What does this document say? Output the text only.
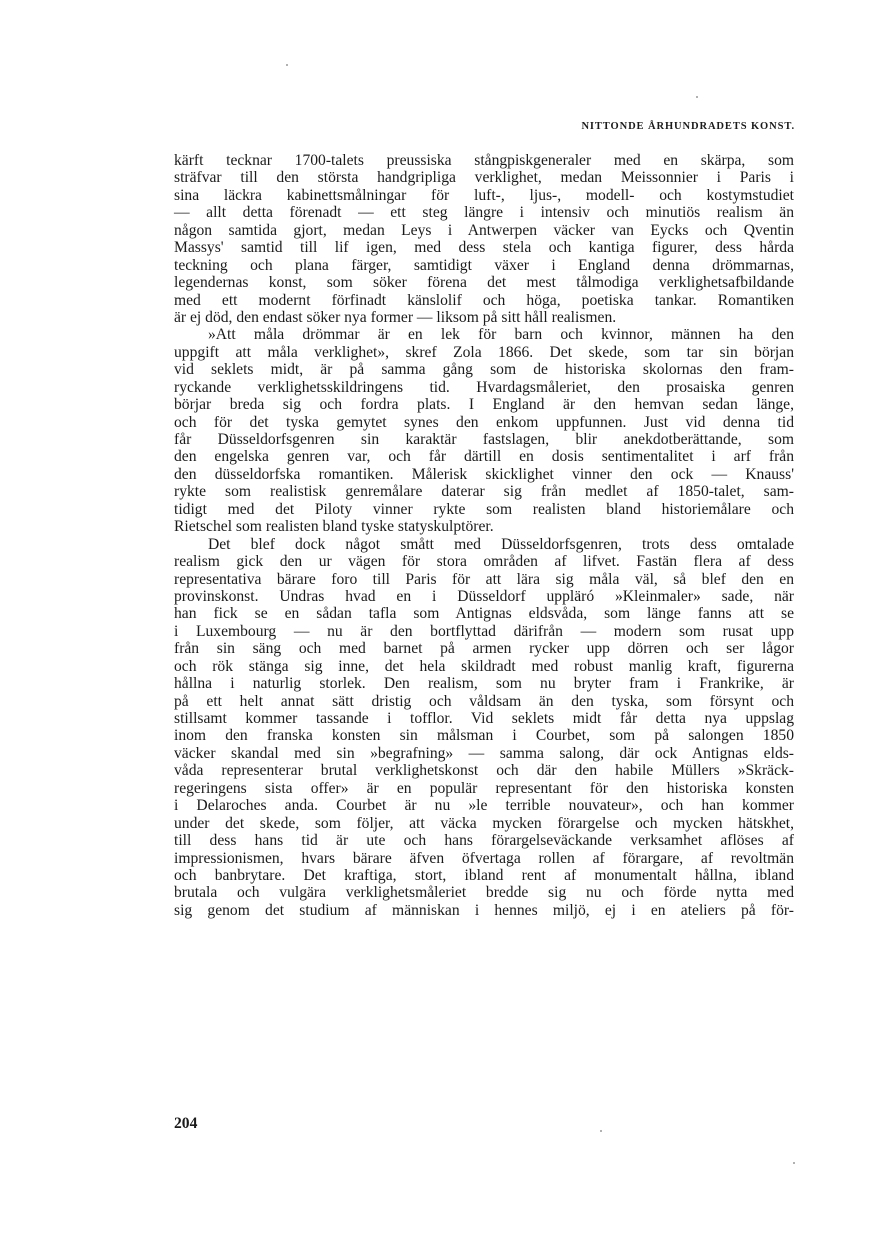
NITTONDE ÅRHUNDRADETS KONST.
kärft tecknar 1700-talets preussiska stångpiskgeneraler med en skärpa, som
sträfvar till den största handgripliga verklighet, medan Meissonnier i Paris i
sina läckra kabinettsmålningar för luft-, ljus-, modell- och kostymstudiet
— allt detta förenadt — ett steg längre i intensiv och minutiös realism än
någon samtida gjort, medan Leys i Antwerpen väcker van Eycks och Qventin
Massys' samtid till lif igen, med dess stela och kantiga figurer, dess hårda
teckning och plana färger, samtidigt växer i England denna drömmarnas,
legendernas konst, som söker förena det mest tålmodiga verklighetsafbildande
med ett modernt förfinadt känslolif och höga, poetiska tankar. Romantiken
är ej död, den endast söker nya former — liksom på sitt håll realismen.
»Att måla drömmar är en lek för barn och kvinnor, männen ha den
uppgift att måla verklighet», skref Zola 1866. Det skede, som tar sin början
vid seklets midt, är på samma gång som de historiska skolornas den fram-
ryckande verklighetsskildringens tid. Hvardagsmåleriet, den prosaiska genren
börjar breda sig och fordra plats. I England är den hemvan sedan länge,
och för det tyska gemytet synes den enkom uppfunnen. Just vid denna tid
får Düsseldorfsgenren sin karaktär fastslagen, blir anekdotberättande, som
den engelska genren var, och får därtill en dosis sentimentalitet i arf från
den düsseldorfska romantiken. Målerisk skicklighet vinner den ock — Knauss'
rykte som realistisk genremålare daterar sig från medlet af 1850-talet, sam-
tidigt med det Piloty vinner rykte som realisten bland historiemålare och
Rietschel som realisten bland tyske statyskulptörer.
Det blef dock något smått med Düsseldorfsgenren, trots dess omtalade
realism gick den ur vägen för stora områden af lifvet. Fastän flera af dess
representativa bärare foro till Paris för att lära sig måla väl, så blef den en
provinskonst. Undras hvad en i Düsseldorf uppläró »Kleinmaler» sade, när
han fick se en sådan tafla som Antignas eldsvåda, som länge fanns att se
i Luxembourg — nu är den bortflyttad därifrån — modern som rusat upp
från sin säng och med barnet på armen rycker upp dörren och ser lågor
och rök stänga sig inne, det hela skildradt med robust manlig kraft, figurerna
hållna i naturlig storlek. Den realism, som nu bryter fram i Frankrike, är
på ett helt annat sätt dristig och våldsam än den tyska, som försynt och
stillsamt kommer tassande i tofflor. Vid seklets midt får detta nya uppslag
inom den franska konsten sin målsman i Courbet, som på salongen 1850
väcker skandal med sin »begrafning» — samma salong, där ock Antignas elds-
våda representerar brutal verklighetskonst och där den habile Müllers »Skräck-
regeringens sista offer» är en populär representant för den historiska konsten
i Delaroches anda. Courbet är nu »le terrible nouvateur», och han kommer
under det skede, som följer, att väcka mycken förargelse och mycken hätskhet,
till dess hans tid är ute och hans förargelseväckande verksamhet aflöses af
impressionismen, hvars bärare äfven öfvertaga rollen af förargare, af revoltmän
och banbrytare. Det kraftiga, stort, ibland rent af monumentalt hållna, ibland
brutala och vulgära verklighetsmåleriet bredde sig nu och förde nytta med
sig genom det studium af människan i hennes miljö, ej i en ateliers på för-
204
